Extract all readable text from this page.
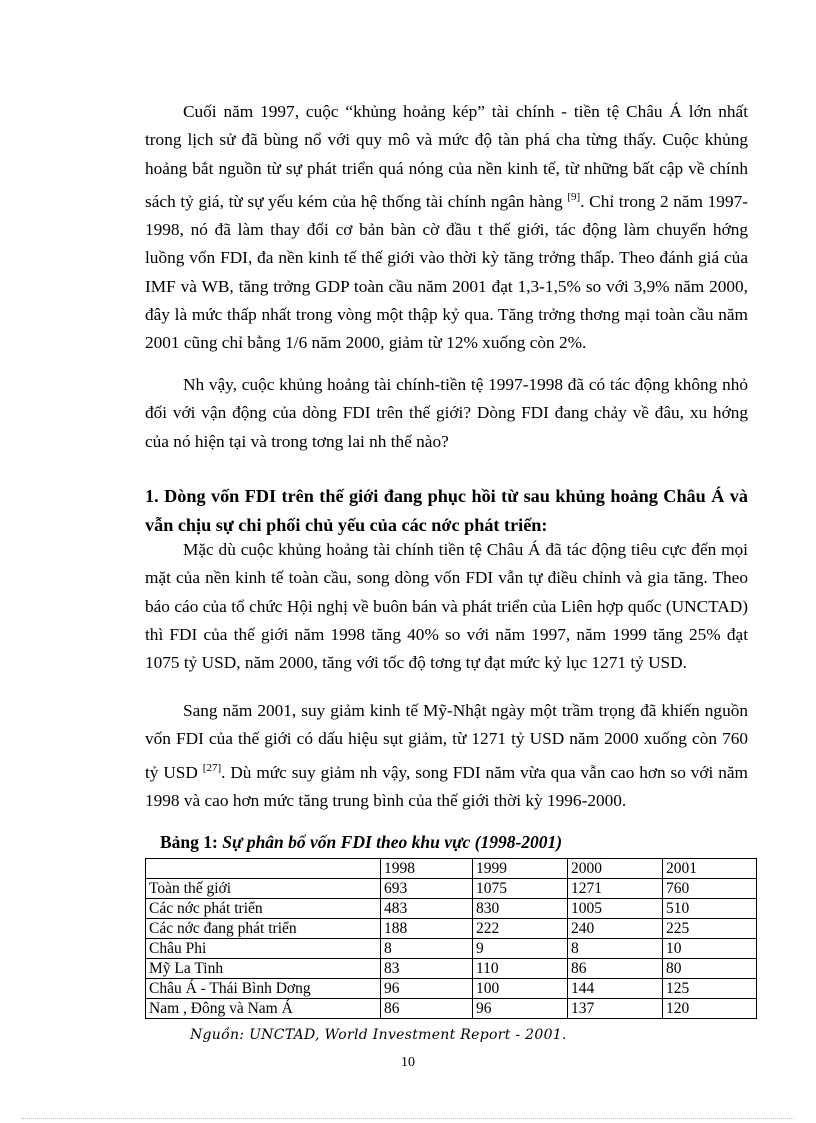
Cuối năm 1997, cuộc “khủng hoảng kép” tài chính - tiền tệ Châu Á lớn nhất trong lịch sử đã bùng nổ với quy mô và mức độ tàn phá cha từng thấy. Cuộc khủng hoảng bắt nguồn từ sự phát triển quá nóng của nền kinh tế, từ những bất cập về chính sách tỷ giá, từ sự yếu kém của hệ thống tài chính ngân hàng [9]. Chỉ trong 2 năm 1997-1998, nó đã làm thay đổi cơ bản bàn cờ đầu t thế giới, tác động làm chuyển hớng luồng vốn FDI, đa nền kinh tế thế giới vào thời kỳ tăng trởng thấp. Theo đánh giá của IMF và WB, tăng trởng GDP toàn cầu năm 2001 đạt 1,3-1,5% so với 3,9% năm 2000, đây là mức thấp nhất trong vòng một thập kỷ qua. Tăng trởng thơng mại toàn cầu năm 2001 cũng chỉ bằng 1/6 năm 2000, giảm từ 12% xuống còn 2%.

Nh vậy, cuộc khủng hoảng tài chính-tiền tệ 1997-1998 đã có tác động không nhỏ đối với vận động của dòng FDI trên thế giới? Dòng FDI đang chảy về đâu, xu hớng của nó hiện tại và trong tơng lai nh thế nào?

1. Dòng vốn FDI trên thế giới đang phục hồi từ sau khủng hoảng Châu Á và vẫn chịu sự chi phối chủ yếu của các nớc phát triển:

Mặc dù cuộc khủng hoảng tài chính tiền tệ Châu Á đã tác động tiêu cực đến mọi mặt của nền kinh tế toàn cầu, song dòng vốn FDI vẫn tự điều chỉnh và gia tăng. Theo báo cáo của tổ chức Hội nghị về buôn bán và phát triển của Liên hợp quốc (UNCTAD) thì FDI của thế giới năm 1998 tăng 40% so với năm 1997, năm 1999 tăng 25% đạt 1075 tỷ USD, năm 2000, tăng với tốc độ tơng tự đạt mức kỷ lục 1271 tỷ USD.

Sang năm 2001, suy giảm kinh tế Mỹ-Nhật ngày một trầm trọng đã khiến nguồn vốn FDI của thế giới có dấu hiệu sụt giảm, từ 1271 tỷ USD năm 2000 xuống còn 760 tỷ USD [27]. Dù mức suy giảm nh vậy, song FDI năm vừa qua vẫn cao hơn so với năm 1998 và cao hơn mức tăng trung bình của thế giới thời kỳ 1996-2000.

Bảng 1: Sự phân bổ vốn FDI theo khu vực (1998-2001)
	1998	1999	2000	2001
Toàn thế giới	693	1075	1271	760
Các nớc phát triển	483	830	1005	510
Các nớc đang phát triển	188	222	240	225
Châu Phi	8	9	8	10
Mỹ La Tinh	83	110	86	80
Châu Á - Thái Bình Dơng	96	100	144	125
Nam , Đông và Nam Á	86	96	137	120
Nguồn: UNCTAD, World Investment Report - 2001.
10
